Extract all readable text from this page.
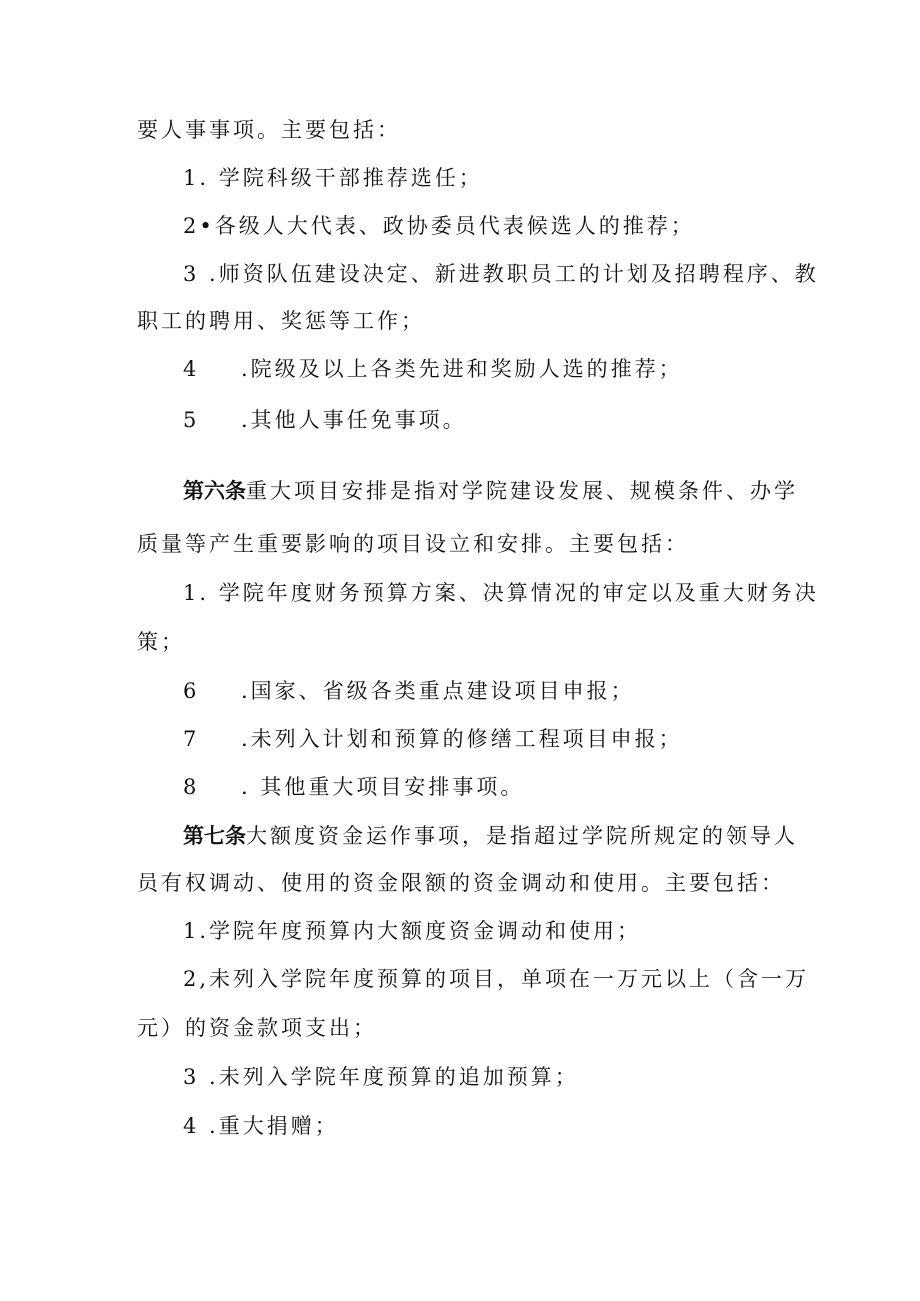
要人事事项。主要包括：
1. 学院科级干部推荐选任；
2•各级人大代表、政协委员代表候选人的推荐；
3 .师资队伍建设决定、新进教职员工的计划及招聘程序、教
职工的聘用、奖惩等工作；
4 .院级及以上各类先进和奖励人选的推荐；
5 .其他人事任免事项。
第六条重大项目安排是指对学院建设发展、规模条件、办学
质量等产生重要影响的项目设立和安排。主要包括：
1. 学院年度财务预算方案、决算情况的审定以及重大财务决
策；
6 .国家、省级各类重点建设项目申报；
7 .未列入计划和预算的修缮工程项目申报；
8 . 其他重大项目安排事项。
第七条大额度资金运作事项，是指超过学院所规定的领导人
员有权调动、使用的资金限额的资金调动和使用。主要包括：
1.学院年度预算内大额度资金调动和使用；
2,未列入学院年度预算的项目，单项在一万元以上（含一万
元）的资金款项支出；
3 .未列入学院年度预算的追加预算；
4 .重大捐赠；
